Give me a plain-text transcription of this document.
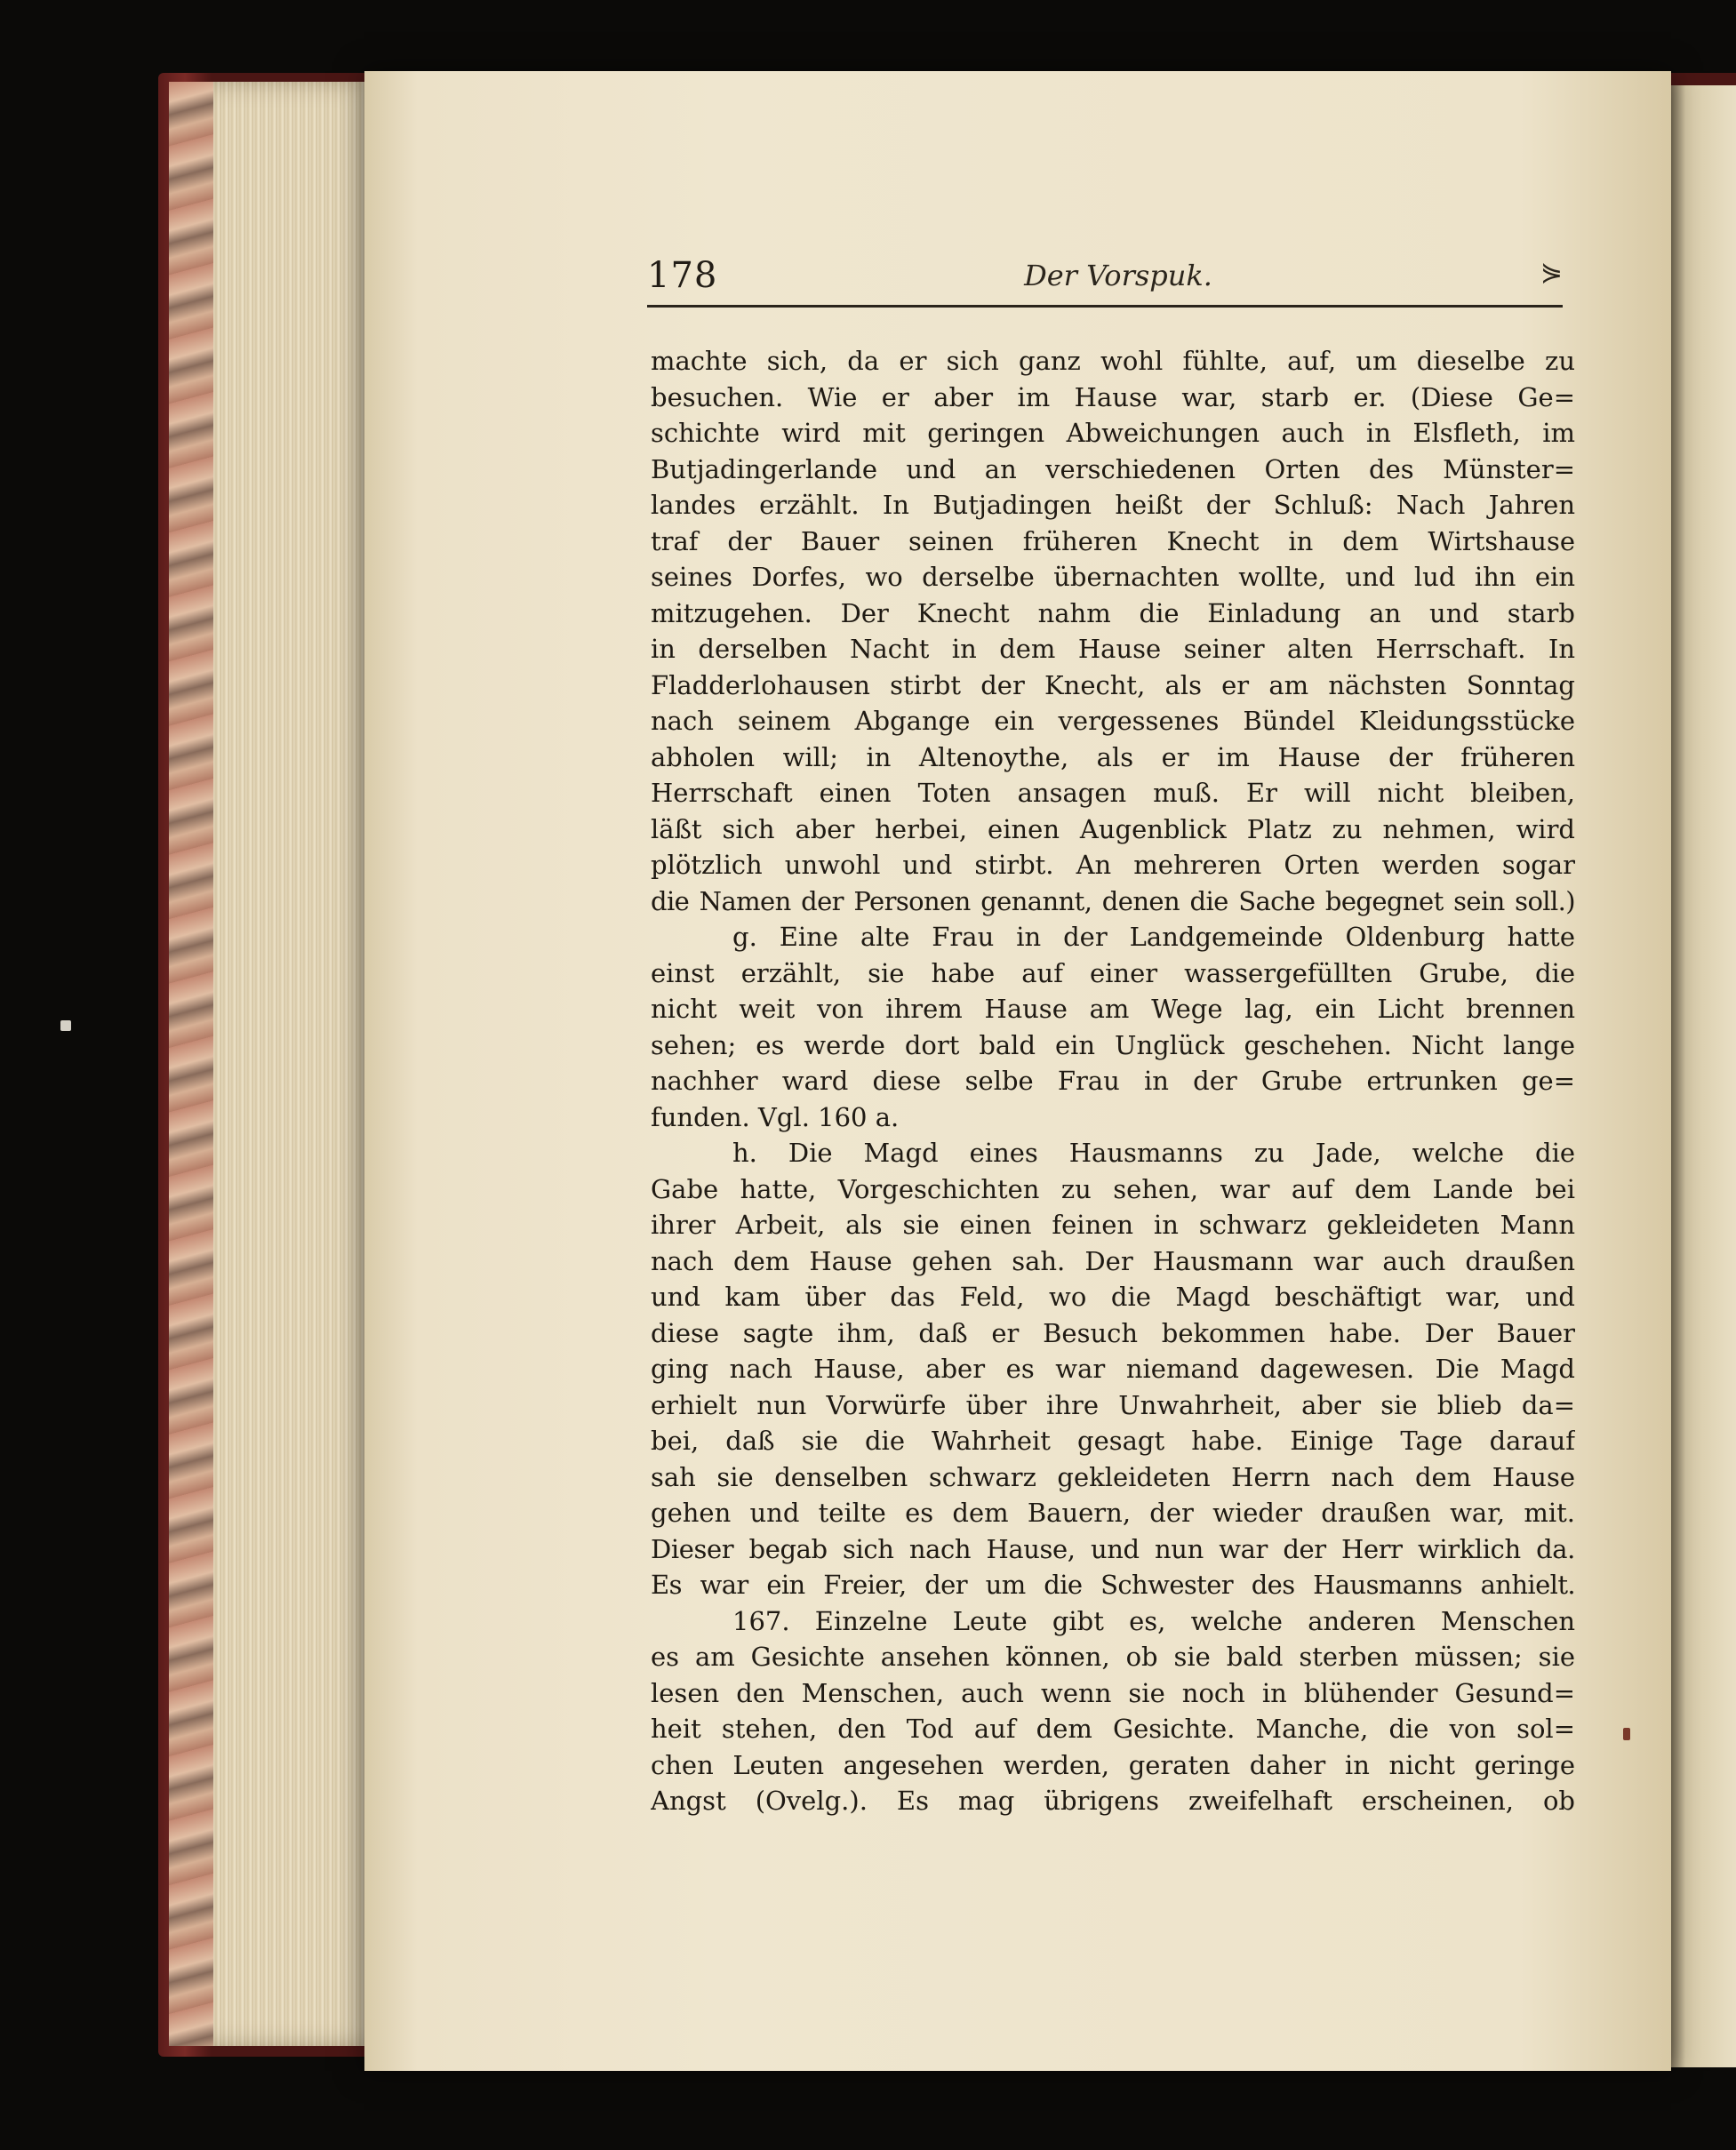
178	Der Vorspuk.	⋟
machte sich, da er sich ganz wohl fühlte, auf, um dieselbe zu
besuchen. Wie er aber im Hause war, starb er. (Diese Ge=
schichte wird mit geringen Abweichungen auch in Elsfleth, im
Butjadingerlande und an verschiedenen Orten des Münster=
landes erzählt. In Butjadingen heißt der Schluß: Nach Jahren
traf der Bauer seinen früheren Knecht in dem Wirtshause
seines Dorfes, wo derselbe übernachten wollte, und lud ihn ein
mitzugehen. Der Knecht nahm die Einladung an und starb
in derselben Nacht in dem Hause seiner alten Herrschaft. In
Fladderlohausen stirbt der Knecht, als er am nächsten Sonntag
nach seinem Abgange ein vergessenes Bündel Kleidungsstücke
abholen will; in Altenoythe, als er im Hause der früheren
Herrschaft einen Toten ansagen muß. Er will nicht bleiben,
läßt sich aber herbei, einen Augenblick Platz zu nehmen, wird
plötzlich unwohl und stirbt. An mehreren Orten werden sogar
die Namen der Personen genannt, denen die Sache begegnet sein soll.)
g. Eine alte Frau in der Landgemeinde Oldenburg hatte
einst erzählt, sie habe auf einer wassergefüllten Grube, die
nicht weit von ihrem Hause am Wege lag, ein Licht brennen
sehen; es werde dort bald ein Unglück geschehen. Nicht lange
nachher ward diese selbe Frau in der Grube ertrunken ge=
funden. Vgl. 160 a.
h. Die Magd eines Hausmanns zu Jade, welche die
Gabe hatte, Vorgeschichten zu sehen, war auf dem Lande bei
ihrer Arbeit, als sie einen feinen in schwarz gekleideten Mann
nach dem Hause gehen sah. Der Hausmann war auch draußen
und kam über das Feld, wo die Magd beschäftigt war, und
diese sagte ihm, daß er Besuch bekommen habe. Der Bauer
ging nach Hause, aber es war niemand dagewesen. Die Magd
erhielt nun Vorwürfe über ihre Unwahrheit, aber sie blieb da=
bei, daß sie die Wahrheit gesagt habe. Einige Tage darauf
sah sie denselben schwarz gekleideten Herrn nach dem Hause
gehen und teilte es dem Bauern, der wieder draußen war, mit.
Dieser begab sich nach Hause, und nun war der Herr wirklich da.
Es war ein Freier, der um die Schwester des Hausmanns anhielt.
167. Einzelne Leute gibt es, welche anderen Menschen
es am Gesichte ansehen können, ob sie bald sterben müssen; sie
lesen den Menschen, auch wenn sie noch in blühender Gesund=
heit stehen, den Tod auf dem Gesichte. Manche, die von sol=
chen Leuten angesehen werden, geraten daher in nicht geringe
Angst (Ovelg.). Es mag übrigens zweifelhaft erscheinen, ob
